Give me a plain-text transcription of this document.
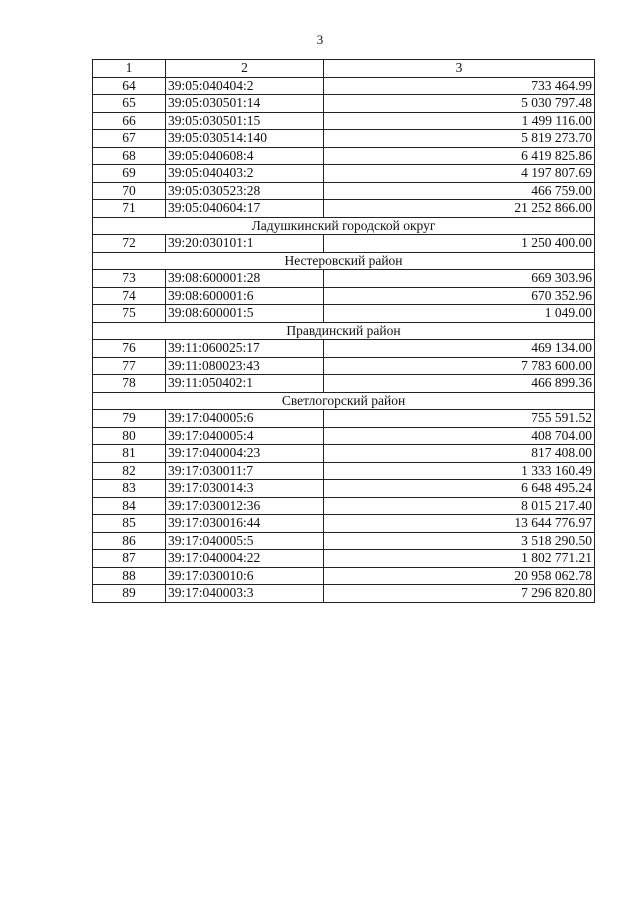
3
1	2	3
64	39:05:040404:2	733 464.99
65	39:05:030501:14	5 030 797.48
66	39:05:030501:15	1 499 116.00
67	39:05:030514:140	5 819 273.70
68	39:05:040608:4	6 419 825.86
69	39:05:040403:2	4 197 807.69
70	39:05:030523:28	466 759.00
71	39:05:040604:17	21 252 866.00
Ладушкинский городской округ		
72	39:20:030101:1	1 250 400.00
Нестеровский район		
73	39:08:600001:28	669 303.96
74	39:08:600001:6	670 352.96
75	39:08:600001:5	1 049.00
Правдинский район		
76	39:11:060025:17	469 134.00
77	39:11:080023:43	7 783 600.00
78	39:11:050402:1	466 899.36
Светлогорский район		
79	39:17:040005:6	755 591.52
80	39:17:040005:4	408 704.00
81	39:17:040004:23	817 408.00
82	39:17:030011:7	1 333 160.49
83	39:17:030014:3	6 648 495.24
84	39:17:030012:36	8 015 217.40
85	39:17:030016:44	13 644 776.97
86	39:17:040005:5	3 518 290.50
87	39:17:040004:22	1 802 771.21
88	39:17:030010:6	20 958 062.78
89	39:17:040003:3	7 296 820.80
